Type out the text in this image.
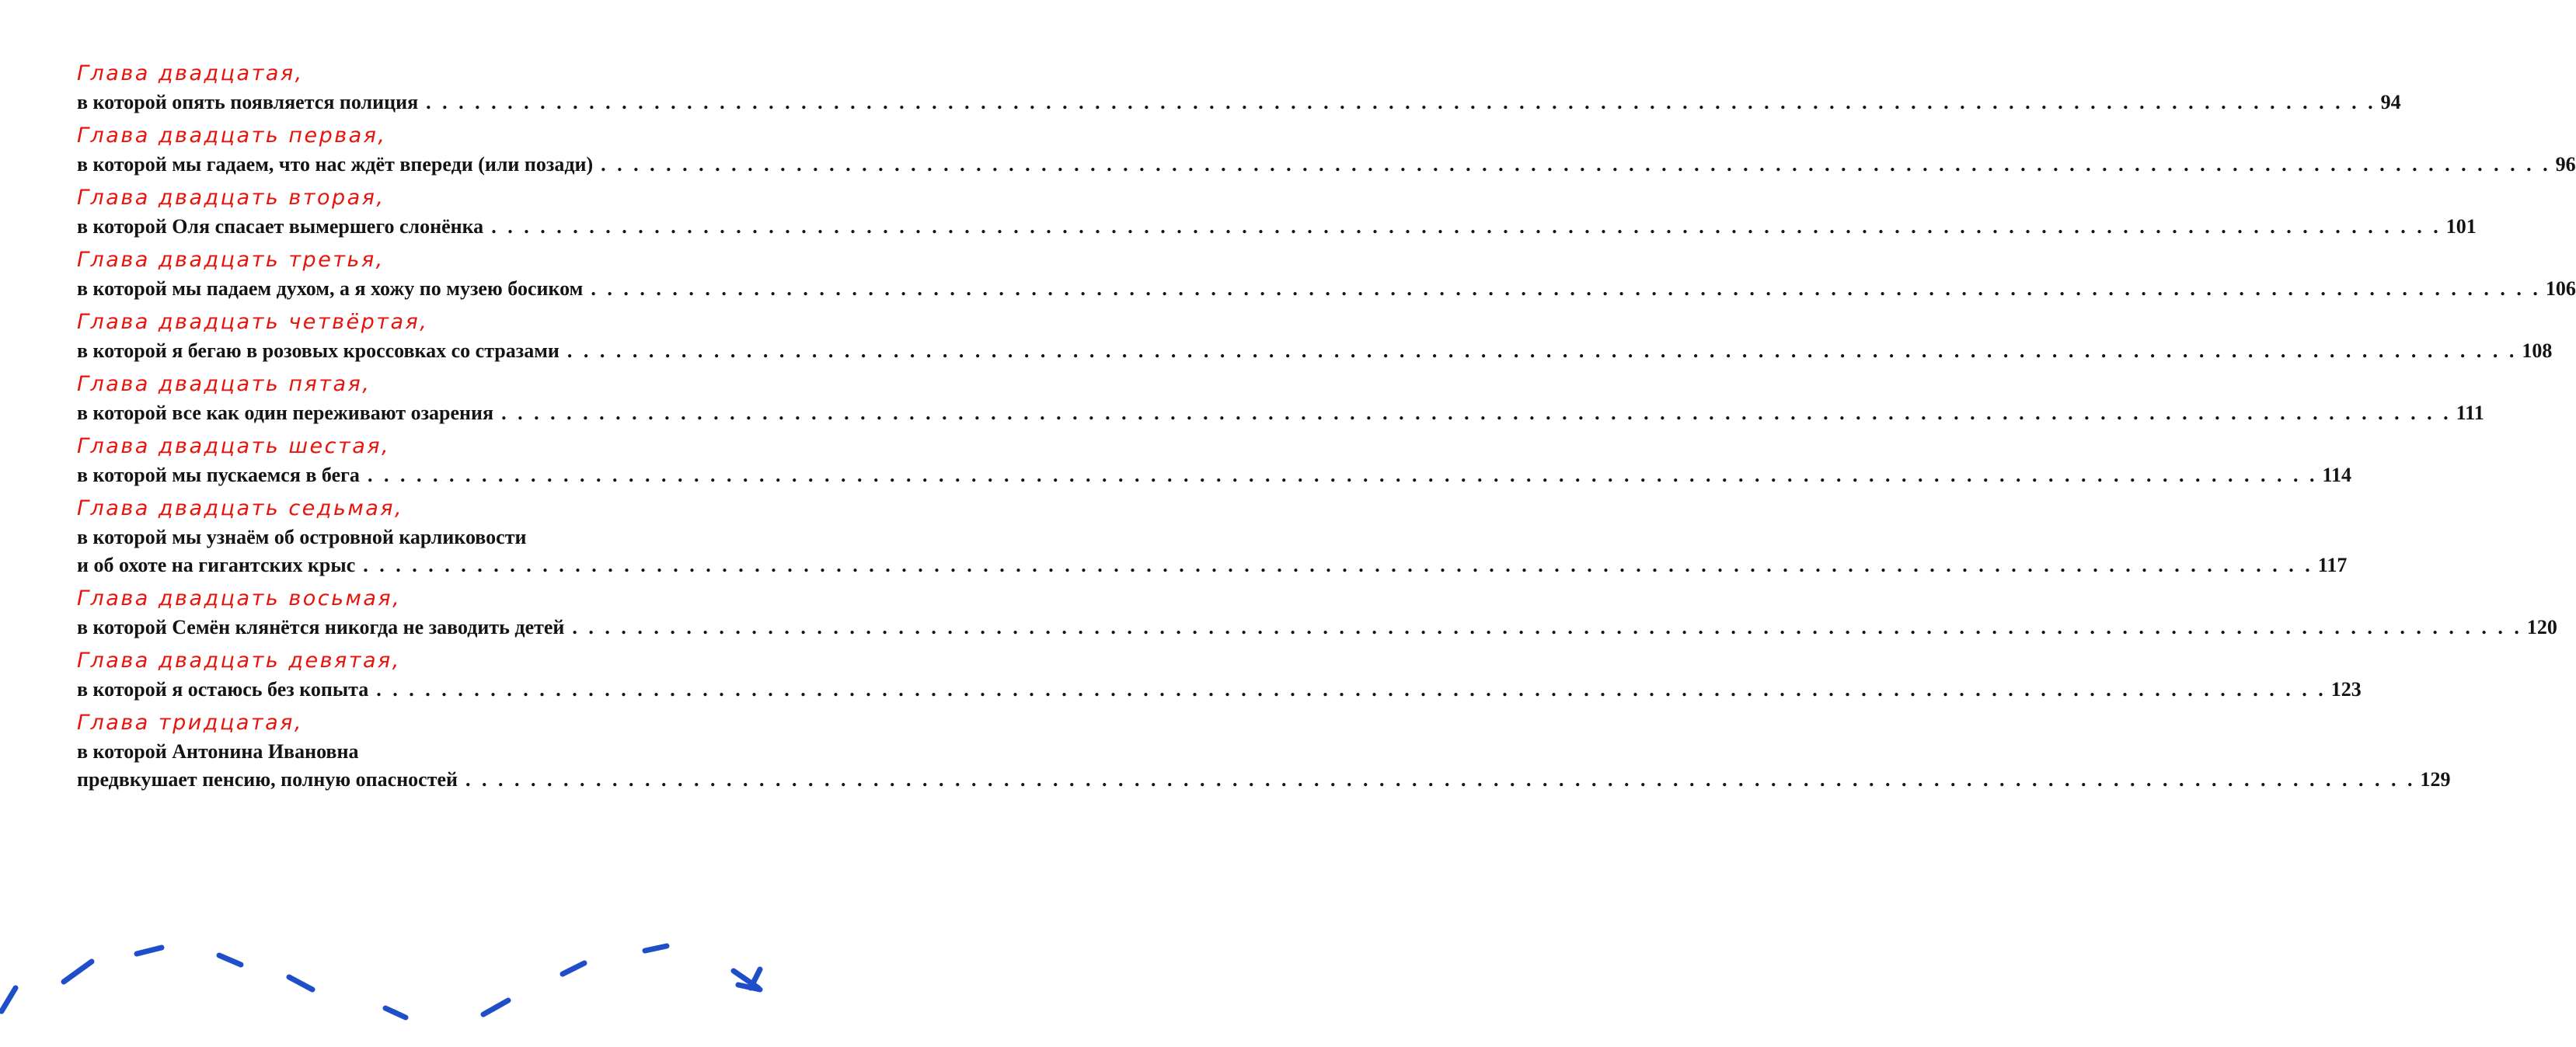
Глава двадцатая,
в которой опять появляется полиция . . . . . . . . . . . . . . . . . . . . . . . . . . . . . . . . . . . . . . . . . . . . . . . . . . . . . . . . . . . . . . . . . . . . . . . . . . . . . . . . . . . . . . . . . . . . . . . . . . . . . . . . . . . . . . . . . . . . . . . . 94
Глава двадцать первая,
в которой мы гадаем, что нас ждёт впереди (или позади) . . . . . . . . . . . . . . . . . . . . . . . . . . . . . . . . . . . . . . . . . . . . . . . . . . . . . . . . . . . . . . . . . . . . . . . . . . . . . . . . . . . . . . . . . . . . . . . . . . . . . . . . . . . . . . . . . . . . . . . . 96
Глава двадцать вторая,
в которой Оля спасает вымершего слонёнка . . . . . . . . . . . . . . . . . . . . . . . . . . . . . . . . . . . . . . . . . . . . . . . . . . . . . . . . . . . . . . . . . . . . . . . . . . . . . . . . . . . . . . . . . . . . . . . . . . . . . . . . . . . . . . . . . . . . . . . . 101
Глава двадцать третья,
в которой мы падаем духом, а я хожу по музею босиком . . . . . . . . . . . . . . . . . . . . . . . . . . . . . . . . . . . . . . . . . . . . . . . . . . . . . . . . . . . . . . . . . . . . . . . . . . . . . . . . . . . . . . . . . . . . . . . . . . . . . . . . . . . . . . . . . . . . . . . . 106
Глава двадцать четвёртая,
в которой я бегаю в розовых кроссовках со стразами . . . . . . . . . . . . . . . . . . . . . . . . . . . . . . . . . . . . . . . . . . . . . . . . . . . . . . . . . . . . . . . . . . . . . . . . . . . . . . . . . . . . . . . . . . . . . . . . . . . . . . . . . . . . . . . . . . . . . . . . 108
Глава двадцать пятая,
в которой все как один переживают озарения . . . . . . . . . . . . . . . . . . . . . . . . . . . . . . . . . . . . . . . . . . . . . . . . . . . . . . . . . . . . . . . . . . . . . . . . . . . . . . . . . . . . . . . . . . . . . . . . . . . . . . . . . . . . . . . . . . . . . . . . 111
Глава двадцать шестая,
в которой мы пускаемся в бега . . . . . . . . . . . . . . . . . . . . . . . . . . . . . . . . . . . . . . . . . . . . . . . . . . . . . . . . . . . . . . . . . . . . . . . . . . . . . . . . . . . . . . . . . . . . . . . . . . . . . . . . . . . . . . . . . . . . . . . . 114
Глава двадцать седьмая,
в которой мы узнаём об островной карликовости
и об охоте на гигантских крыс . . . . . . . . . . . . . . . . . . . . . . . . . . . . . . . . . . . . . . . . . . . . . . . . . . . . . . . . . . . . . . . . . . . . . . . . . . . . . . . . . . . . . . . . . . . . . . . . . . . . . . . . . . . . . . . . . . . . . . . . 117
Глава двадцать восьмая,
в которой Семён клянётся никогда не заводить детей . . . . . . . . . . . . . . . . . . . . . . . . . . . . . . . . . . . . . . . . . . . . . . . . . . . . . . . . . . . . . . . . . . . . . . . . . . . . . . . . . . . . . . . . . . . . . . . . . . . . . . . . . . . . . . . . . . . . . . . . 120
Глава двадцать девятая,
в которой я остаюсь без копыта . . . . . . . . . . . . . . . . . . . . . . . . . . . . . . . . . . . . . . . . . . . . . . . . . . . . . . . . . . . . . . . . . . . . . . . . . . . . . . . . . . . . . . . . . . . . . . . . . . . . . . . . . . . . . . . . . . . . . . . . 123
Глава тридцатая,
в которой Антонина Ивановна
предвкушает пенсию, полную опасностей . . . . . . . . . . . . . . . . . . . . . . . . . . . . . . . . . . . . . . . . . . . . . . . . . . . . . . . . . . . . . . . . . . . . . . . . . . . . . . . . . . . . . . . . . . . . . . . . . . . . . . . . . . . . . . . . . . . . . . . . 129
